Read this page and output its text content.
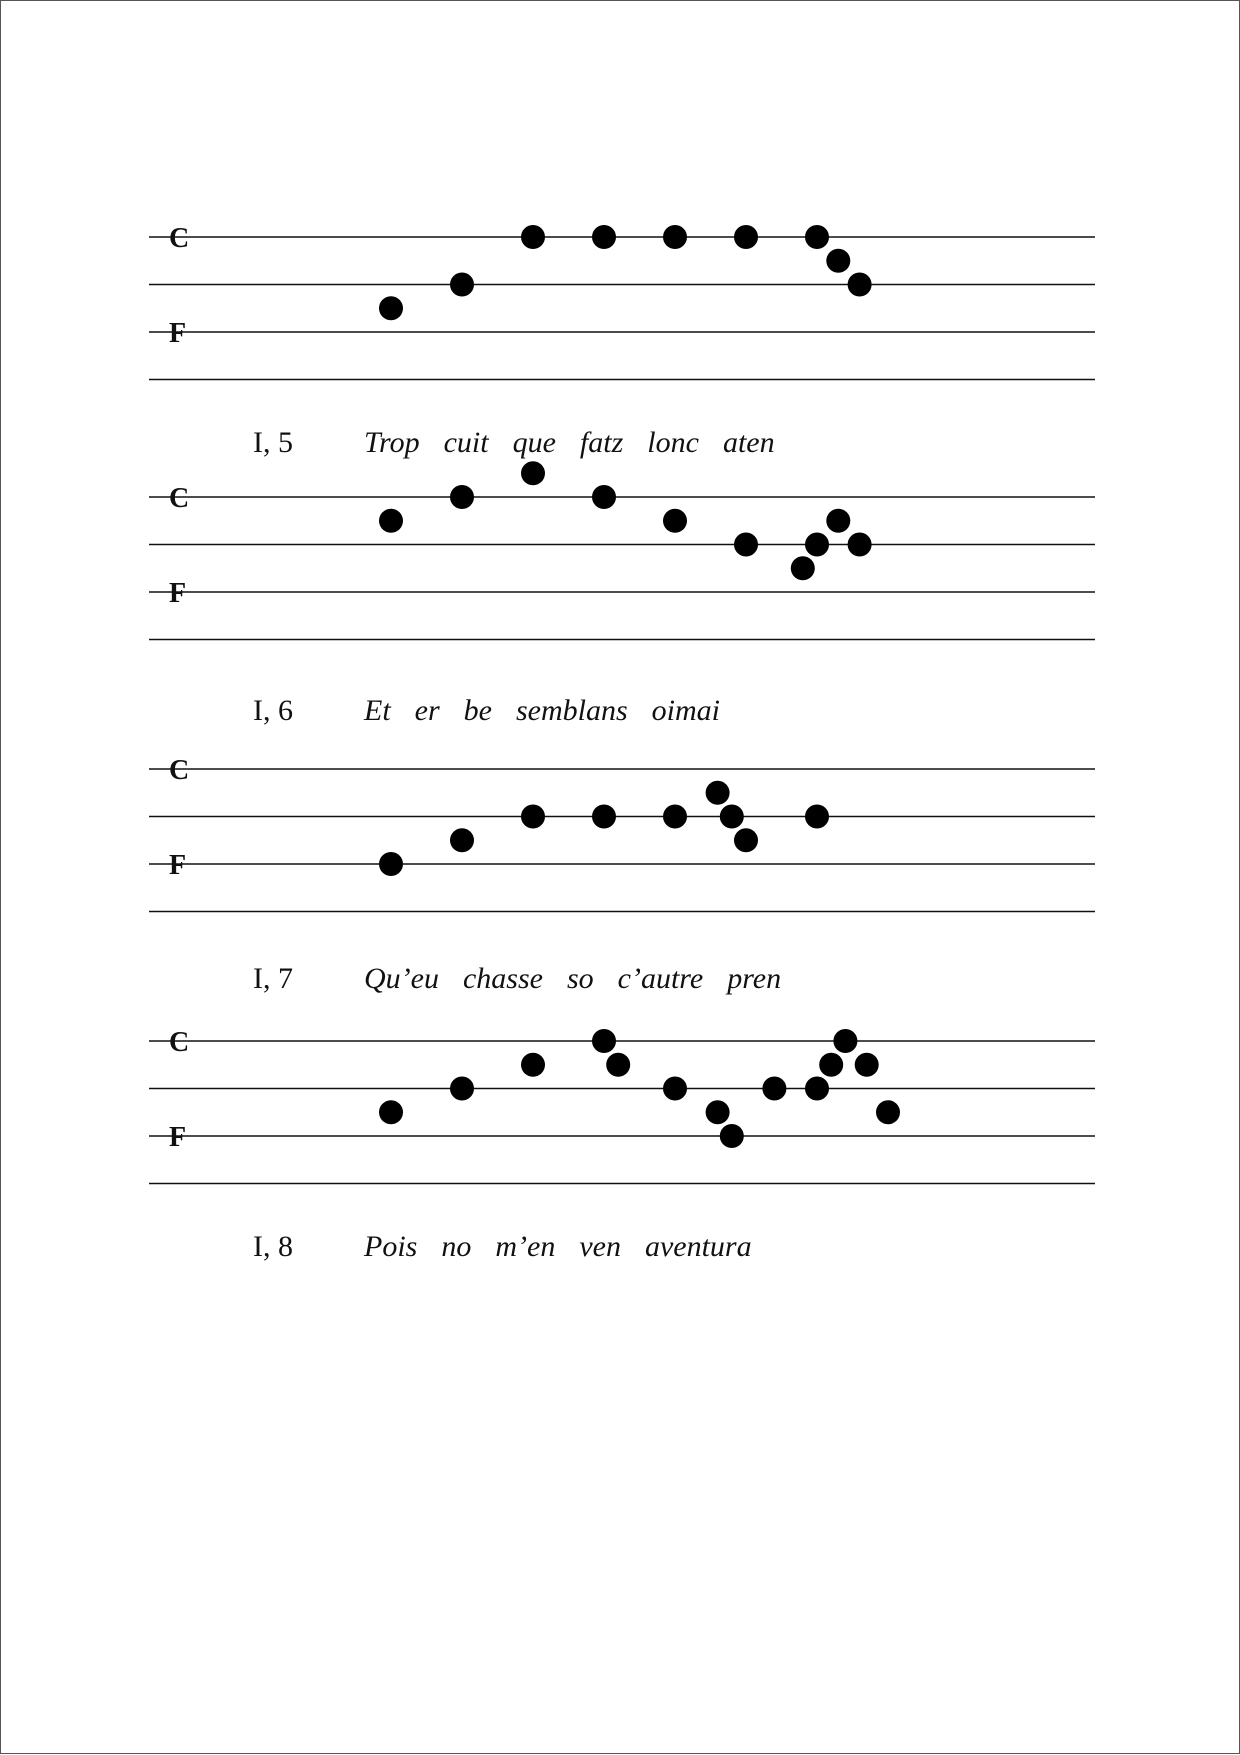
C
F
C
F
C
F
C
F
I, 5 Trop cuit que fatz lonc aten
I, 6 Et er be semblans oimai
I, 7 Qu’eu chasse so c’autre pren
I, 8 Pois no m’en ven aventura
